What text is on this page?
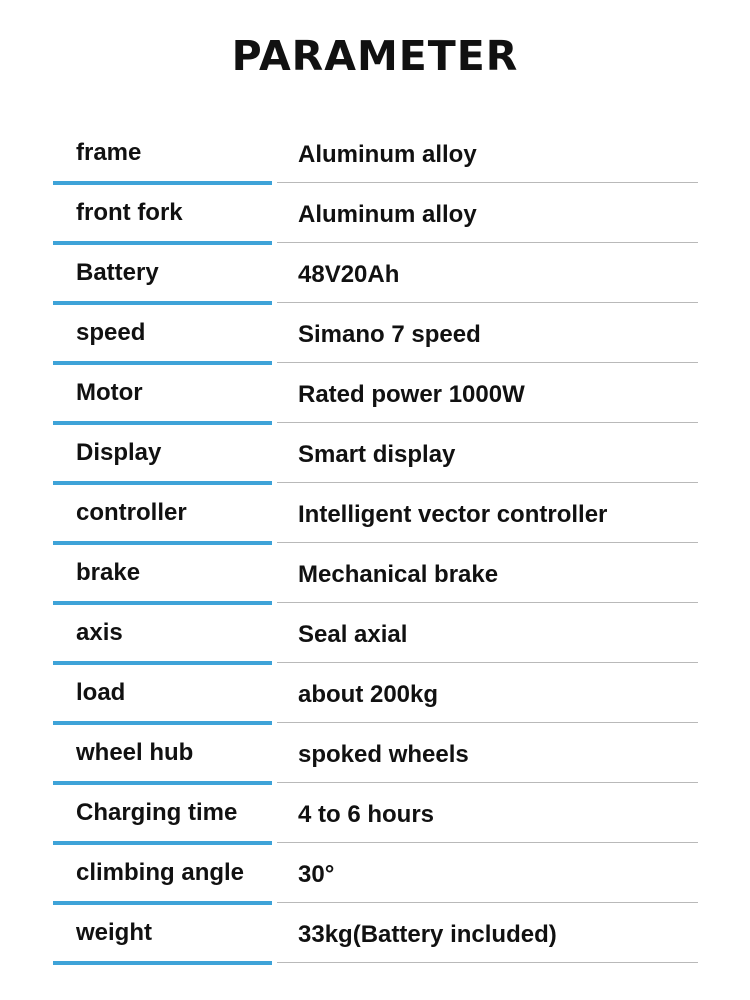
PARAMETER
frame	Aluminum alloy
front fork	Aluminum alloy
Battery	48V20Ah
speed	Simano 7 speed
Motor	Rated power 1000W
Display	Smart display
controller	Intelligent vector controller
brake	Mechanical brake
axis	Seal axial
load	about 200kg
wheel hub	spoked wheels
Charging time	4 to 6 hours
climbing angle 30°
weight	33kg(Battery included)
